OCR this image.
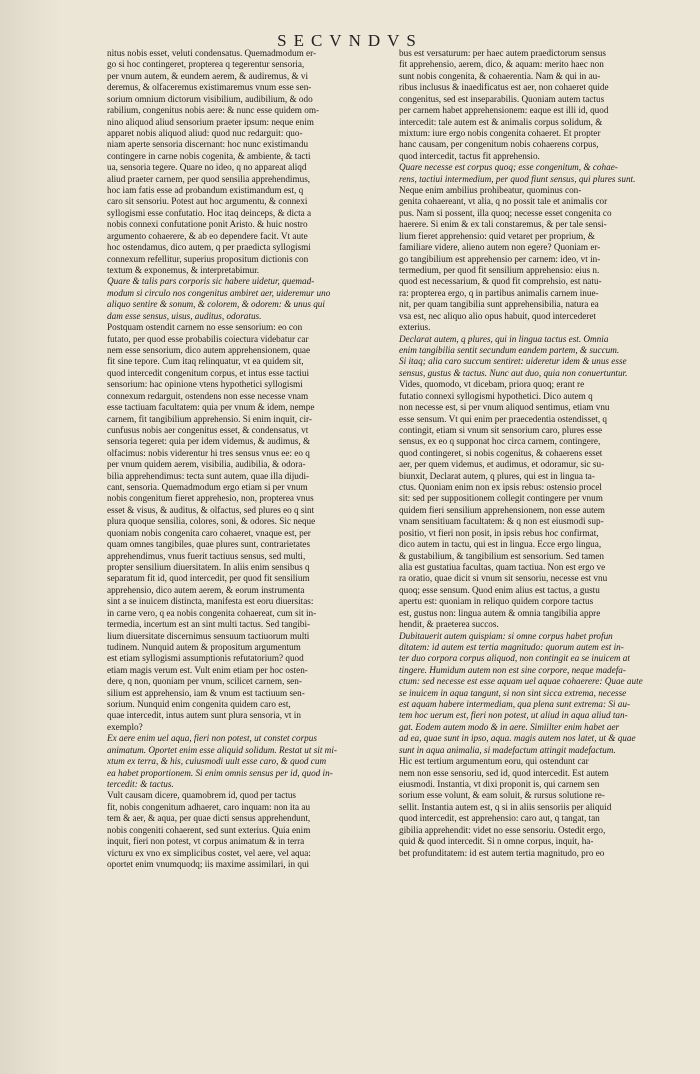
SECVNDVS
nitus nobis esset, veluti condensatus. Quemadmodum er-
go si hoc contingeret, propterea q tegerentur sensoria,
per vnum autem, & eundem aerem, & audiremus, & vi
deremus, & olfaceremus existimaremus vnum esse sen-
sorium omnium dictorum visibilium, audibilium, & odo
rabilium, congenitus nobis aere: & nunc esse quidem om-
nino aliquod aliud sensorium praeter ipsum: neque enim
apparet nobis aliquod aliud: quod nuc redarguit: quo-
niam aperte sensoria discernant: hoc nunc existimandu
contingere in carne nobis cogenita, & ambiente, & tacti
ua, sensoria tegere. Quare no ideo, q no appareat aliqd
aliud praeter carnem, per quod sensilia apprehendimus,
hoc iam fatis esse ad probandum existimandum est, q
caro sit sensoriu. Potest aut hoc argumentu, & connexi
syllogismi esse confutatio. Hoc itaq deinceps, & dicta a
nobis connexi confutatione ponit Aristo. & huic nostro
argumento cohaerere, & ab eo dependere facit. Vt aute
hoc ostendamus, dico autem, q per praedicta syllogismi
connexum refellitur, superius propositum dictionis con
textum & exponemus, & interpretabimur.
Quare & talis pars corporis sic habere uidetur, quemad-
modum si circulo nos congenitus ambiret aer, uideremur uno
aliquo sentire & sonum, & colorem, & odorem: & unus qui
dam esse sensus, uisus, auditus, odoratus.
Postquam ostendit carnem no esse sensorium: eo con
futato, per quod esse probabilis coiectura videbatur car
nem esse sensorium, dico autem apprehensionem, quae
fit sine tepore. Cum itaq relinquatur, vt ea quidem sit,
quod intercedit congenitum corpus, et intus esse tactiui
sensorium: hac opinione vtens hypothetici syllogismi
connexum redarguit, ostendens non esse necesse vnam
esse tactiuam facultatem: quia per vnum & idem, nempe
carnem, fit tangibilium apprehensio. Si enim inquit, cir-
cunfusus nobis aer congenitus esset, & condensatus, vt
sensoria tegeret: quia per idem videmus, & audimus, &
olfacimus: nobis viderentur hi tres sensus vnus ee: eo q
per vnum quidem aerem, visibilia, audibilia, & odora-
bilia apprehendimus: tecta sunt autem, quae illa dijudi-
cant, sensoria. Quemadmodum ergo etiam si per vnum
nobis congenitum fieret apprehesio, non, propterea vnus
esset & visus, & auditus, & olfactus, sed plures eo q sint
plura quoque sensilia, colores, soni, & odores. Sic neque
quoniam nobis congenita caro cohaeret, vnaque est, per
quam omnes tangibiles, quae plures sunt, contrarietates
apprehendimus, vnus fuerit tactiuus sensus, sed multi,
propter sensilium diuersitatem. In aliis enim sensibus q
separatum fit id, quod intercedit, per quod fit sensilium
apprehensio, dico autem aerem, & eorum instrumenta
sint a se inuicem distincta, manifesta est eoru diuersitas:
in carne vero, q ea nobis congenita cohaereat, cum sit in-
termedia, incertum est an sint multi tactus. Sed tangibi-
lium diuersitate discernimus sensuum tactiuorum multi
tudinem. Nunquid autem & propositum argumentum
est etiam syllogismi assumptionis refutatorium? quod
etiam magis verum est. Vult enim etiam per hoc osten-
dere, q non, quoniam per vnum, scilicet carnem, sen-
silium est apprehensio, iam & vnum est tactiuum sen-
sorium. Nunquid enim congenita quidem caro est,
quae intercedit, intus autem sunt plura sensoria, vt in
exemplo?
Ex aere enim uel aqua, fieri non potest, ut constet corpus
animatum. Oportet enim esse aliquid solidum. Restat ut sit mi-
xtum ex terra, & his, cuiusmodi uult esse caro, & quod cum
ea habet proportionem. Si enim omnis sensus per id, quod in-
tercedit: & tactus.
Vult causam dicere, quamobrem id, quod per tactus
fit, nobis congenitum adhaeret, caro inquam: non ita au
tem & aer, & aqua, per quae dicti sensus apprehendunt,
nobis congeniti cohaerent, sed sunt exterius. Quia enim
inquit, fieri non potest, vt corpus animatum & in terra
victuru ex vno ex simplicibus costet, vel aere, vel aqua:
oportet enim vnumquodq; iis maxime assimilari, in qui
bus est versaturum: per haec autem praedictorum sensus
fit apprehensio, aerem, dico, & aquam: merito haec non
sunt nobis congenita, & cohaerentia. Nam & qui in au-
ribus inclusus & inaedificatus est aer, non cohaeret quide
congenitus, sed est inseparabilis. Quoniam autem tactus
per carnem habet apprehensionem: eaque est illi id, quod
intercedit: tale autem est & animalis corpus solidum, &
mixtum: iure ergo nobis congenita cohaeret. Et propter
hanc causam, per congenitum nobis cohaerens corpus,
quod intercedit, tactus fit apprehensio.
Quare necesse est corpus quoq; esse congenitum, & cohae-
rens, tactiui intermedium, per quod fiunt sensus, qui plures sunt.
Neque enim ambilius prohibeatur, quominus con-
genita cohaereant, vt alia, q no possit tale et animalis cor
pus. Nam si possent, illa quoq; necesse esset congenita co
haerere. Si enim & ex tali constaremus, & per tale sensi-
lium fieret apprehensio: quid vetaret per proprium, &
familiare videre, alieno autem non egere? Quoniam er-
go tangibilium est apprehensio per carnem: ideo, vt in-
termedium, per quod fit sensilium apprehensio: eius n.
quod est necessarium, & quod fit comprehsio, est natu-
ra: propterea ergo, q in partibus animalis carnem inue-
nit, per quam tangibilia sunt apprehensibilia, natura ea
vsa est, nec aliquo alio opus habuit, quod intercederet
exterius.
Declarat autem, q plures, qui in lingua tactus est. Omnia
enim tangibilia sentit secundum eandem partem, & succum.
Si itaq; alia caro succum sentiret: uideretur idem & unus esse
sensus, gustus & tactus. Nunc aut duo, quia non conuertuntur.
Vides, quomodo, vt dicebam, priora quoq; erant re
futatio connexi syllogismi hypothetici. Dico autem q
non necesse est, si per vnum aliquod sentimus, etiam vnu
esse sensum. Vt qui enim per praecedentia ostendisset, q
contingit, etiam si vnum sit sensorium caro, plures esse
sensus, ex eo q supponat hoc circa carnem, contingere,
quod contingeret, si nobis cogenitus, & cohaerens esset
aer, per quem videmus, et audimus, et odoramur, sic su-
biunxit, Declarat autem, q plures, qui est in lingua ta-
ctus. Quoniam enim non ex ipsis rebus: ostensio procel
sit: sed per suppositionem collegit contingere per vnum
quidem fieri sensilium apprehensionem, non esse autem
vnam sensitiuam facultatem: & q non est eiusmodi sup-
positio, vt fieri non posit, in ipsis rebus hoc confirmat,
dico autem in tactu, qui est in lingua. Ecce ergo lingua,
& gustabilium, & tangibilium est sensorium. Sed tamen
alia est gustatiua facultas, quam tactiua. Non est ergo ve
ra oratio, quae dicit si vnum sit sensoriu, necesse est vnu
quoq; esse sensum. Quod enim alius est tactus, a gustu
apertu est: quoniam in reliquo quidem corpore tactus
est, gustus non: lingua autem & omnia tangibilia appre
hendit, & praeterea succos.
Dubitauerit autem quispiam: si omne corpus habet profun
ditatem: id autem est tertia magnitudo: quorum autem est in-
ter duo corpora corpus aliquod, non contingit ea se inuicem at
tingere. Humidum autem non est sine corpore, neque madefa-
ctum: sed necesse est esse aquam uel aquae cohaerere: Quae aute
se inuicem in aqua tangunt, si non sint sicca extrema, necesse
est aquam habere intermediam, qua plena sunt extrema: Si au-
tem hoc uerum est, fieri non potest, ut aliud in aqua aliud tan-
gat. Eodem autem modo & in aere. Simiilter enim habet aer
ad ea, quae sunt in ipso, aqua. magis autem nos latet, ut & quae
sunt in aqua animalia, si madefactum attingit madefactum.
Hic est tertium argumentum eoru, qui ostendunt car
nem non esse sensoriu, sed id, quod intercedit. Est autem
eiusmodi. Instantia, vt dixi proponit is, qui carnem sen
sorium esse volunt, & eam soluit, & rursus solutione re-
sellit. Instantia autem est, q si in aliis sensoriis per aliquid
quod intercedit, est apprehensio: caro aut, q tangat, tan
gibilia apprehendit: videt no esse sensoriu. Ostedit ergo,
quid & quod intercedit. Si n omne corpus, inquit, ha-
bet profunditatem: id est autem tertia magnitudo, pro eo
